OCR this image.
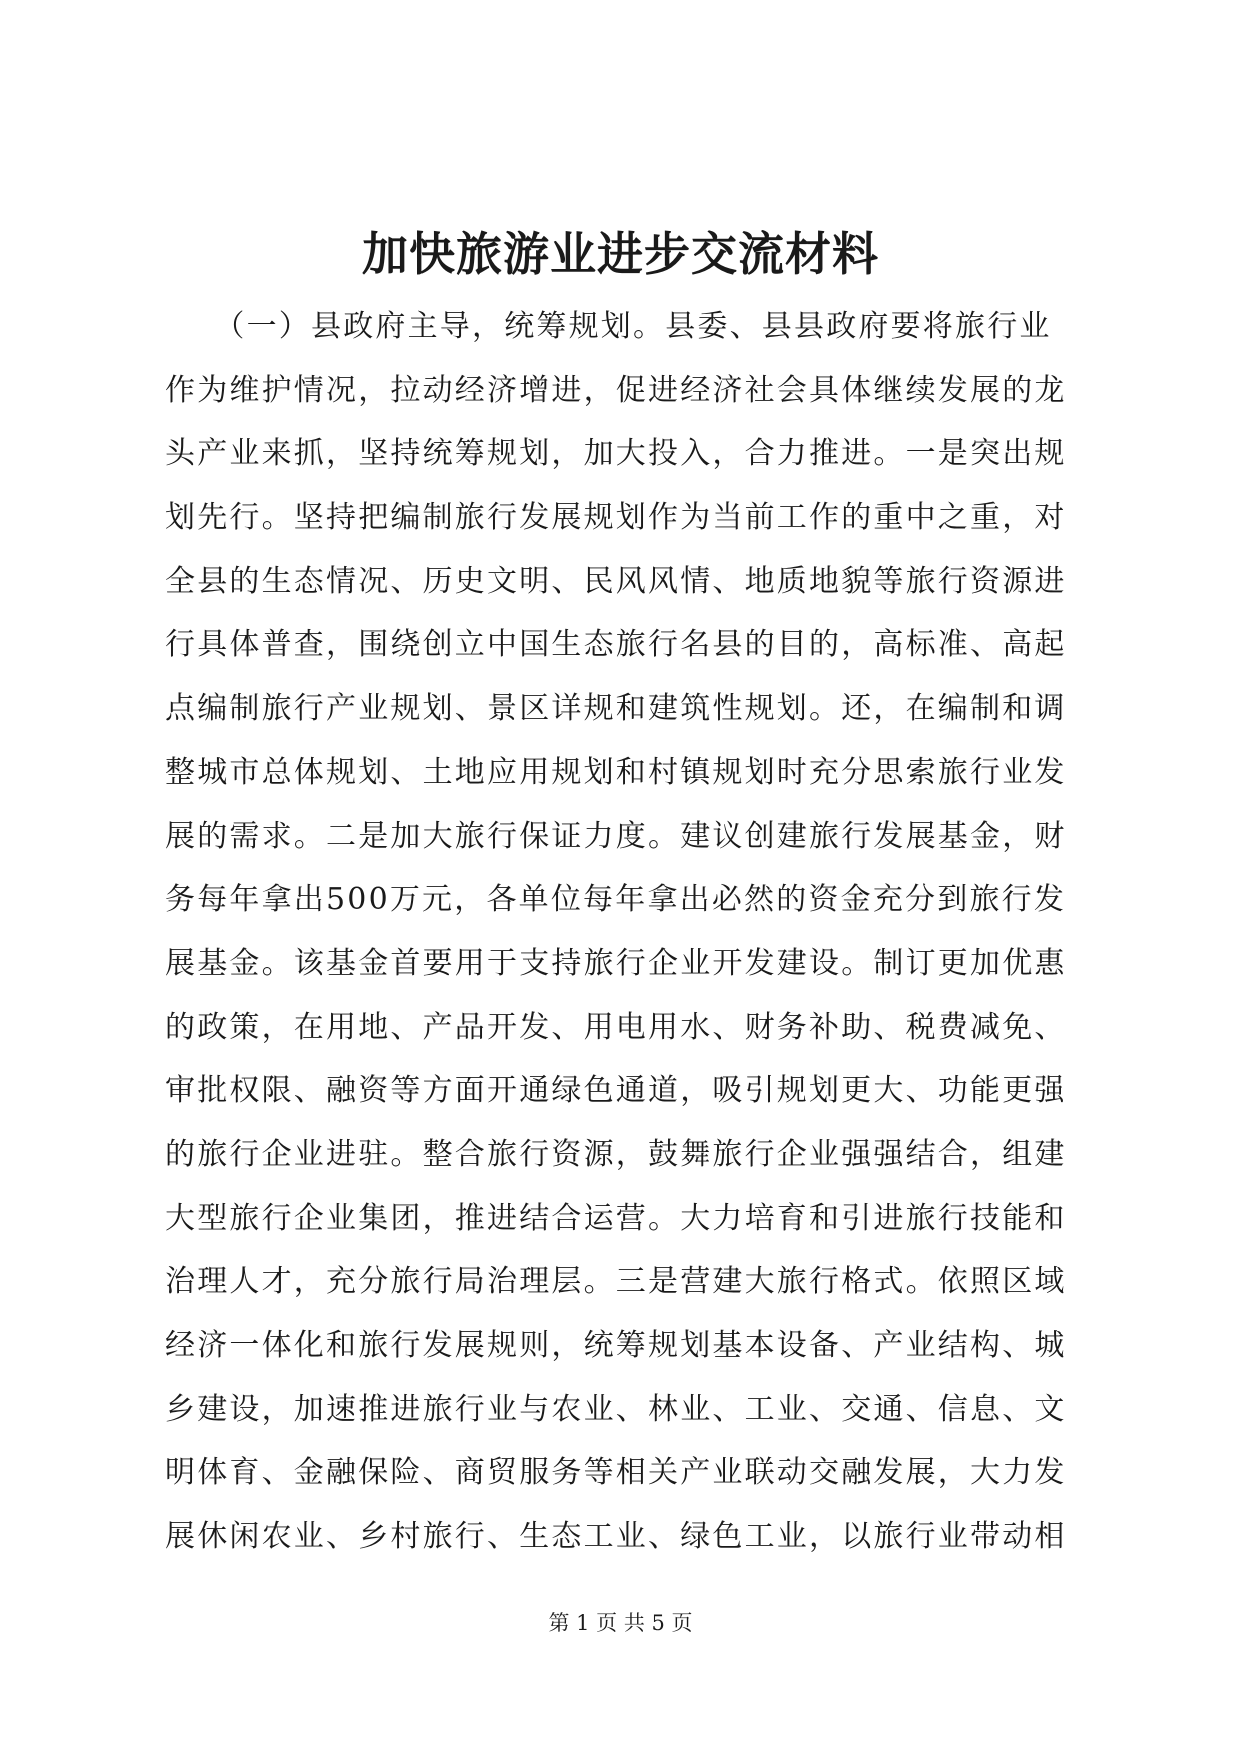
加快旅游业进步交流材料
　　（一）县政府主导，统筹规划。县委、县县政府要将旅行业
作为维护情况，拉动经济增进，促进经济社会具体继续发展的龙
头产业来抓，坚持统筹规划，加大投入，合力推进。一是突出规
划先行。坚持把编制旅行发展规划作为当前工作的重中之重，对
全县的生态情况、历史文明、民风风情、地质地貌等旅行资源进
行具体普查，围绕创立中国生态旅行名县的目的，高标准、高起
点编制旅行产业规划、景区详规和建筑性规划。还，在编制和调
整城市总体规划、土地应用规划和村镇规划时充分思索旅行业发
展的需求。二是加大旅行保证力度。建议创建旅行发展基金，财
务每年拿出500万元，各单位每年拿出必然的资金充分到旅行发
展基金。该基金首要用于支持旅行企业开发建设。制订更加优惠
的政策，在用地、产品开发、用电用水、财务补助、税费减免、
审批权限、融资等方面开通绿色通道，吸引规划更大、功能更强
的旅行企业进驻。整合旅行资源，鼓舞旅行企业强强结合，组建
大型旅行企业集团，推进结合运营。大力培育和引进旅行技能和
治理人才，充分旅行局治理层。三是营建大旅行格式。依照区域
经济一体化和旅行发展规则，统筹规划基本设备、产业结构、城
乡建设，加速推进旅行业与农业、林业、工业、交通、信息、文
明体育、金融保险、商贸服务等相关产业联动交融发展，大力发
展休闲农业、乡村旅行、生态工业、绿色工业，以旅行业带动相
第 1 页 共 5 页
